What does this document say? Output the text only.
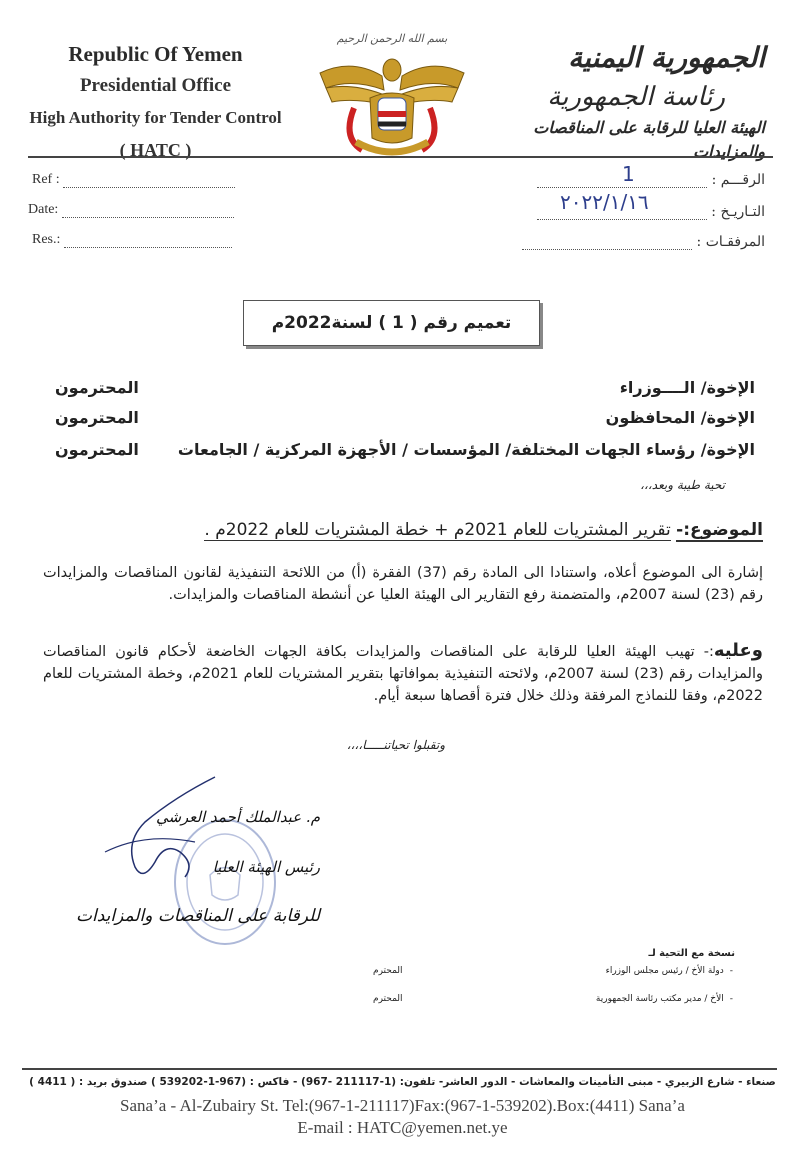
Republic Of Yemen
Presidential Office
High Authority for Tender Control
( HATC )
بسم الله الرحمن الرحيم
الجمهورية اليمنية
رئاسة الجمهورية
الهيئة العليا للرقابة على المناقصات والمزايدات
Ref :
Date:
Res.:
الرقـــم :
1
التـاريـخ :
٢٠٢٢/١/١٦
المرفقـات :
تعميم رقم ( 1 ) لسنة2022م
الإخوة/ الــــوزراء
المحترمون
الإخوة/ المحافظون
المحترمون
الإخوة/ رؤساء الجهات المختلفة/ المؤسسات / الأجهزة المركزية / الجامعات
المحترمون
تحية طيبة وبعد،،،
الموضوع:- تقرير المشتريات للعام 2021م + خطة المشتريات للعام 2022م .
إشارة الى الموضوع أعلاه، واستنادا الى المادة رقم (37) الفقرة (أ) من اللائحة التنفيذية لقانون المناقصات والمزايدات رقم (23) لسنة 2007م، والمتضمنة رفع التقارير الى الهيئة العليا عن أنشطة المناقصات والمزايدات.
وعليه:- تهيب الهيئة العليا للرقابة على المناقصات والمزايدات بكافة الجهات الخاضعة لأحكام قانون المناقصات والمزايدات رقم (23) لسنة 2007م، ولائحته التنفيذية بموافاتها بتقرير المشتريات للعام 2021م، وخطة المشتريات للعام 2022م، وفقا للنماذج المرفقة وذلك خلال فترة أقصاها سبعة أيام.
وتقبلوا تحياتنـــــا،،،،
م. عبدالملك أحمد العرشي
رئيس الهيئة العليا
للرقابة على المناقصات والمزايدات
نسخة مع التحية لـ
-دولة الأخ / رئيس مجلس الوزراء
المحترم
-الأخ / مدير مكتب رئاسة الجمهورية
المحترم
صنعاء - شارع الزبيري - مبنى التأمينات والمعاشات - الدور العاشر- تلفون: (1-211117 -967) - فاكس : (967-1-539202 ) صندوق بريد : ( 4411 )
Sana’a - Al-Zubairy St. Tel:(967-1-211117)Fax:(967-1-539202).Box:(4411) Sana’a
E-mail : HATC@yemen.net.ye
